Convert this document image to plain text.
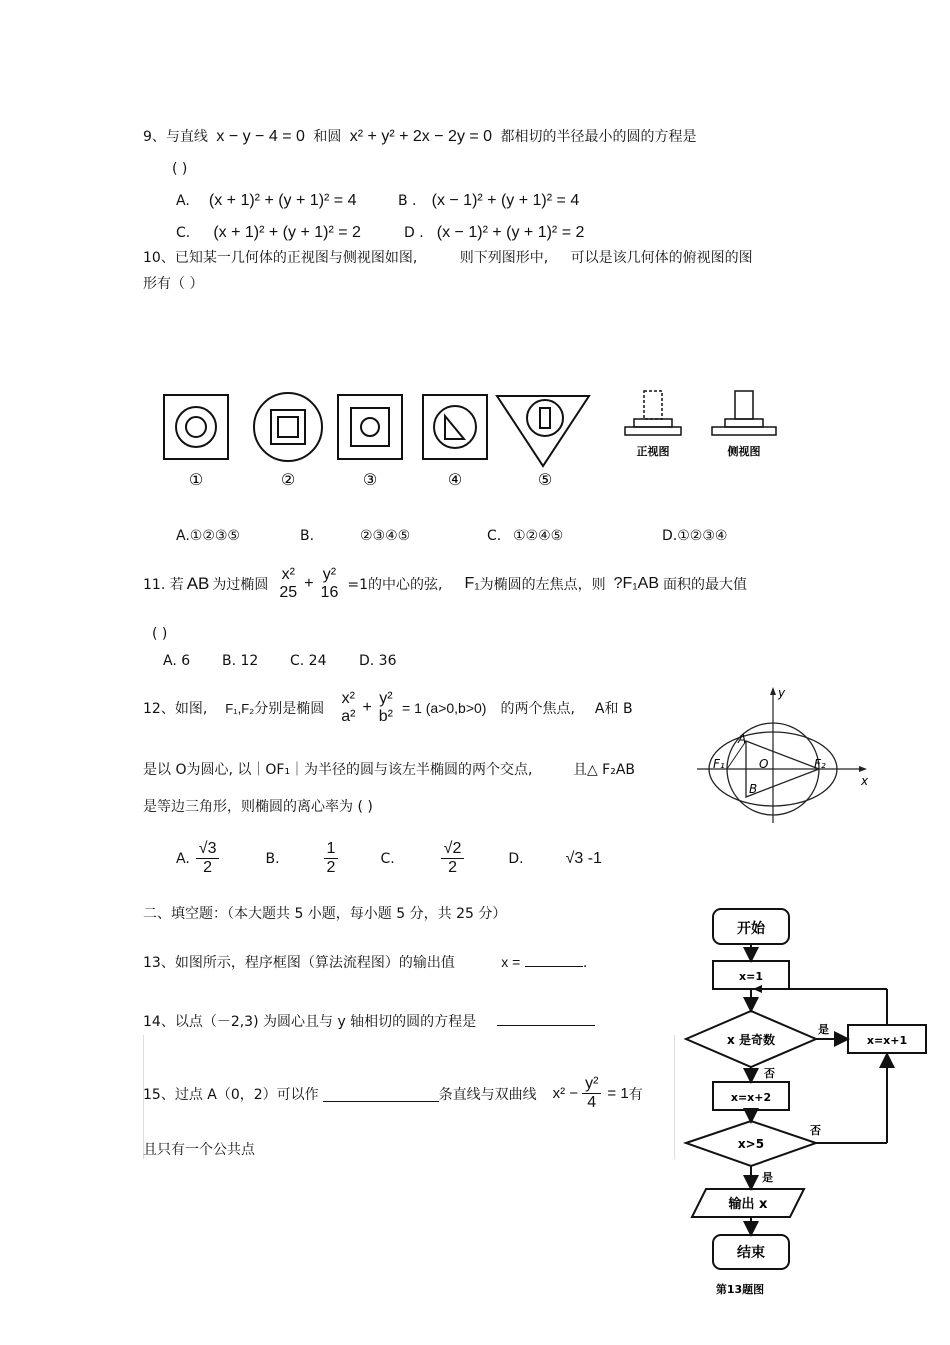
9、与直线 x − y − 4 = 0 和圆 x² + y² + 2x − 2y = 0 都相切的半径最小的圆的方程是
( )
A. (x + 1)² + (y + 1)² = 4	B . (x − 1)² + (y + 1)² = 4
C. (x + 1)² + (y + 1)² = 2	D . (x − 1)² + (y + 1)² = 2
10、已知某一几何体的正视图与侧视图如图,	则下列图形中, 可以是该几何体的俯视图的图
形有（ ）
①	②	③	④	⑤
正视图	侧视图
A.①②③⑤	B.	②③④⑤	C. ①②④⑤	D.①②③④
11. 若 AB 为过椭圆
x²
25
+
y²
16 =1的中心的弦, F₁ 为椭圆的左焦点，则 ?F₁AB 面积的最大值
( )
A. 6 B. 12 C. 24 D. 36
12、如图, F₁,F₂ 分别是椭圆
x²
a²
+
y²
b² = 1 (a>0,b>0) 的两个焦点, A和 B
是以 O为圆心, 以｜OF₁｜为半径的圆与该左半椭圆的两个交点,	且△ F₂AB
是等边三角形，则椭圆的离心率为 ( )
A. $\frac{√3}{2}$	B.	$\frac{1}{2}$	C.	$\frac{√2}{2}$	D.	√3 -1
y
x
A
B
O
F₁	F₂
二、填空题：（本大题共 5 小题，每小题 5 分，共 25 分）
13、如图所示，程序框图（算法流程图）的输出值	x =	.
14、以点（－2,3) 为圆心且与 y 轴相切的圆的方程是
15、过点 A（0，2）可以作	条直线与双曲线 $x^2 - \frac{\text{y²}}{4} = 1$ 有
且只有一个公共点
开始
x=1
x 是奇数
是
否
x=x+1
x=x+2
x>5
否
是
输出 x
结束
第13题图
